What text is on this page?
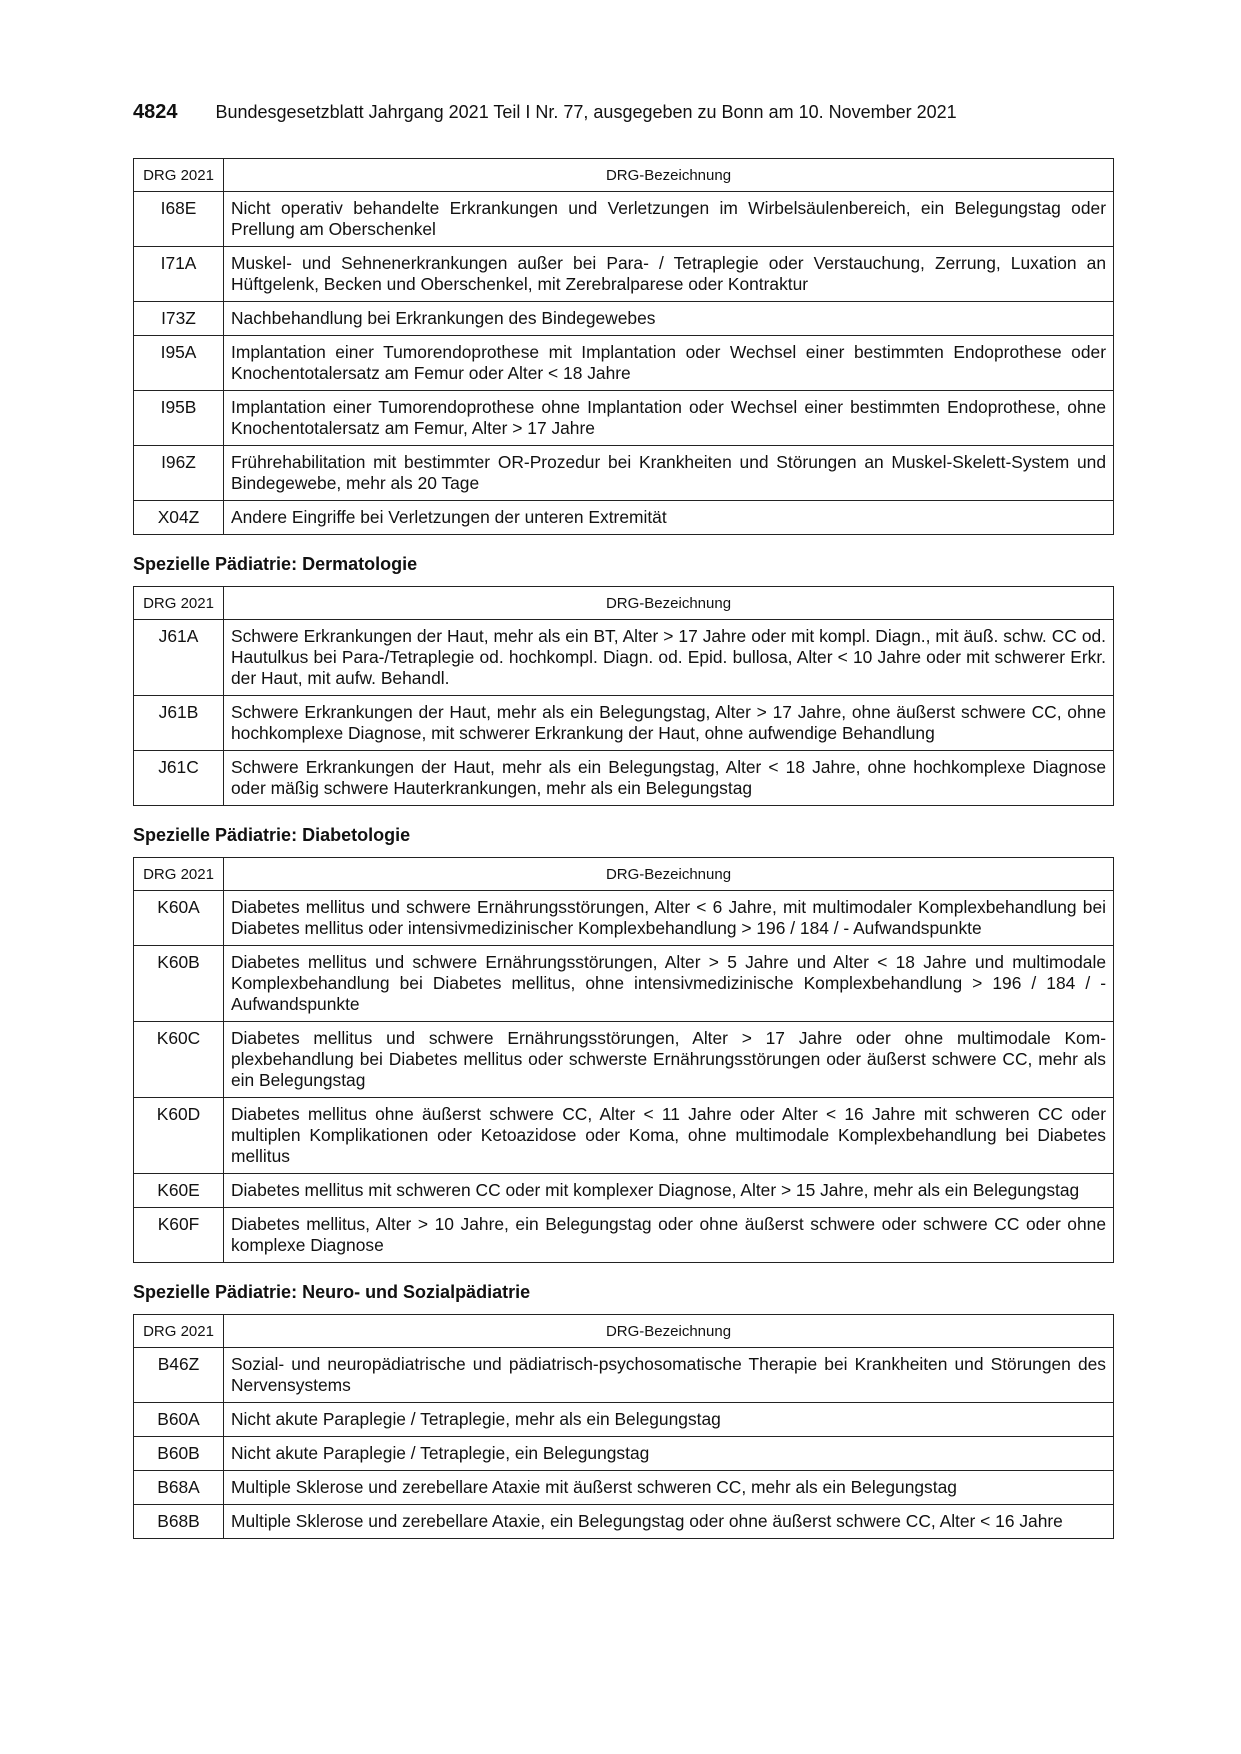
4824 Bundesgesetzblatt Jahrgang 2021 Teil I Nr. 77, ausgegeben zu Bonn am 10. November 2021
DRG 2021	DRG-Bezeichnung
I68E	Nicht operativ behandelte Erkrankungen und Verletzungen im Wirbelsäulenbereich, ein Belegungstag oder Prellung am Oberschenkel
I71A	Muskel- und Sehnenerkrankungen außer bei Para- / Tetraplegie oder Verstauchung, Zerrung, Luxation an Hüftgelenk, Becken und Oberschenkel, mit Zerebralparese oder Kontraktur
I73Z	Nachbehandlung bei Erkrankungen des Bindegewebes
I95A	Implantation einer Tumorendoprothese mit Implantation oder Wechsel einer bestimmten Endoprothese oder Knochentotalersatz am Femur oder Alter < 18 Jahre
I95B	Implantation einer Tumorendoprothese ohne Implantation oder Wechsel einer bestimmten Endoprothese, ohne Knochentotalersatz am Femur, Alter > 17 Jahre
I96Z	Frührehabilitation mit bestimmter OR-Prozedur bei Krankheiten und Störungen an Muskel-Skelett-System und Bindegewebe, mehr als 20 Tage
X04Z	Andere Eingriffe bei Verletzungen der unteren Extremität
Spezielle Pädiatrie: Dermatologie
DRG 2021	DRG-Bezeichnung
J61A	Schwere Erkrankungen der Haut, mehr als ein BT, Alter > 17 Jahre oder mit kompl. Diagn., mit äuß. schw. CC od. Hautulkus bei Para-/Tetraplegie od. hochkompl. Diagn. od. Epid. bullosa, Alter < 10 Jahre oder mit schwerer Erkr. der Haut, mit aufw. Behandl.
J61B	Schwere Erkrankungen der Haut, mehr als ein Belegungstag, Alter > 17 Jahre, ohne äußerst schwere CC, ohne hochkomplexe Diagnose, mit schwerer Erkrankung der Haut, ohne aufwendige Behandlung
J61C	Schwere Erkrankungen der Haut, mehr als ein Belegungstag, Alter < 18 Jahre, ohne hochkomplexe Diagnose oder mäßig schwere Hauterkrankungen, mehr als ein Belegungstag
Spezielle Pädiatrie: Diabetologie
DRG 2021	DRG-Bezeichnung
K60A	Diabetes mellitus und schwere Ernährungsstörungen, Alter < 6 Jahre, mit multimodaler Komplexbehandlung bei Diabetes mellitus oder intensivmedizinischer Komplexbehandlung > 196 / 184 / - Aufwandspunkte
K60B	Diabetes mellitus und schwere Ernährungsstörungen, Alter > 5 Jahre und Alter < 18 Jahre und multimodale Komplexbehandlung bei Diabetes mellitus, ohne intensivmedizinische Komplexbehandlung > 196 / 184 / - Aufwandspunkte
K60C	Diabetes mellitus und schwere Ernährungsstörungen, Alter > 17 Jahre oder ohne multimodale Komplexbehandlung bei Diabetes mellitus oder schwerste Ernährungsstörungen oder äußerst schwere CC, mehr als ein Belegungstag
K60D	Diabetes mellitus ohne äußerst schwere CC, Alter < 11 Jahre oder Alter < 16 Jahre mit schweren CC oder multiplen Komplikationen oder Ketoazidose oder Koma, ohne multimodale Komplexbehandlung bei Diabetes mellitus
K60E	Diabetes mellitus mit schweren CC oder mit komplexer Diagnose, Alter > 15 Jahre, mehr als ein Belegungstag
K60F	Diabetes mellitus, Alter > 10 Jahre, ein Belegungstag oder ohne äußerst schwere oder schwere CC oder ohne komplexe Diagnose
Spezielle Pädiatrie: Neuro- und Sozialpädiatrie
DRG 2021	DRG-Bezeichnung
B46Z	Sozial- und neuropädiatrische und pädiatrisch-psychosomatische Therapie bei Krankheiten und Störungen des Nervensystems
B60A	Nicht akute Paraplegie / Tetraplegie, mehr als ein Belegungstag
B60B	Nicht akute Paraplegie / Tetraplegie, ein Belegungstag
B68A	Multiple Sklerose und zerebellare Ataxie mit äußerst schweren CC, mehr als ein Belegungstag
B68B	Multiple Sklerose und zerebellare Ataxie, ein Belegungstag oder ohne äußerst schwere CC, Alter < 16 Jahre
